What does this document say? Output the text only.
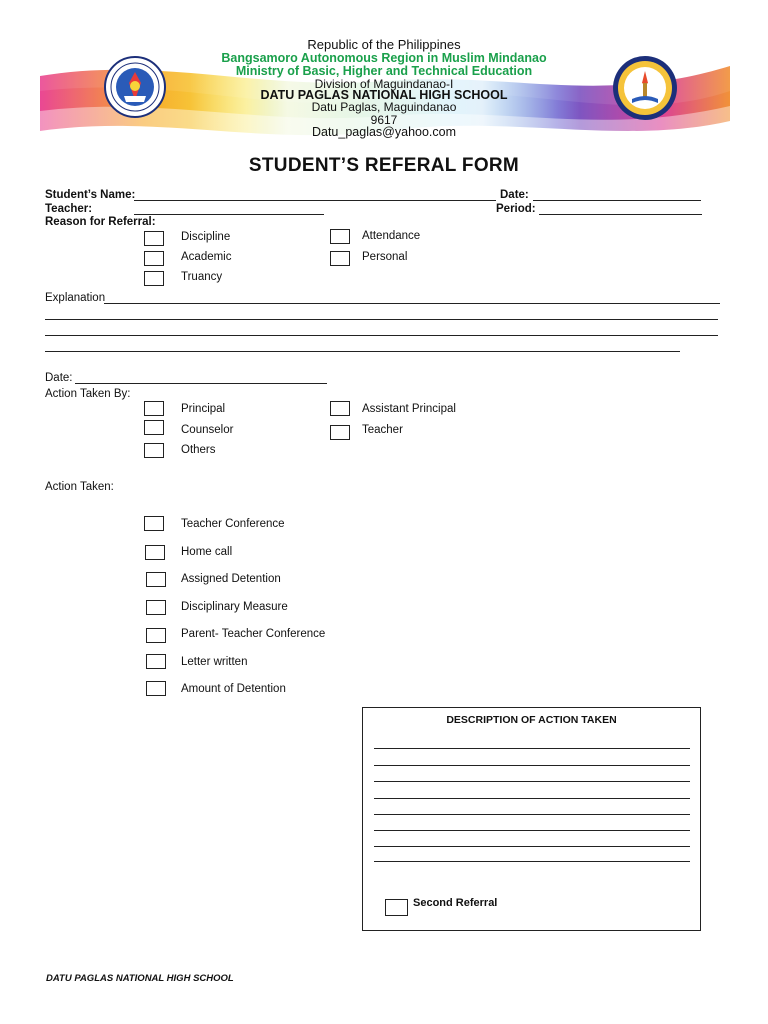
Republic of the Philippines
Bangsamoro Autonomous Region in Muslim Mindanao
Ministry of Basic, Higher and Technical Education
Division of Maguindanao-I
DATU PAGLAS NATIONAL HIGH SCHOOL
Datu Paglas, Maguindanao
9617
Datu_paglas@yahoo.com
STUDENT’S REFERAL FORM
Student’s Name:	Date:
Teacher:	Period:
Reason for Referral:
Discipline
Academic
Truancy
Attendance
Personal
Explanation
Date:
Action Taken By:
Principal
Counselor
Others
Assistant Principal
Teacher
Action Taken:
Teacher Conference
Home call
Assigned Detention
Disciplinary Measure
Parent- Teacher Conference
Letter written
Amount of Detention
DESCRIPTION OF ACTION TAKEN
Second Referral
DATU PAGLAS NATIONAL HIGH SCHOOL
